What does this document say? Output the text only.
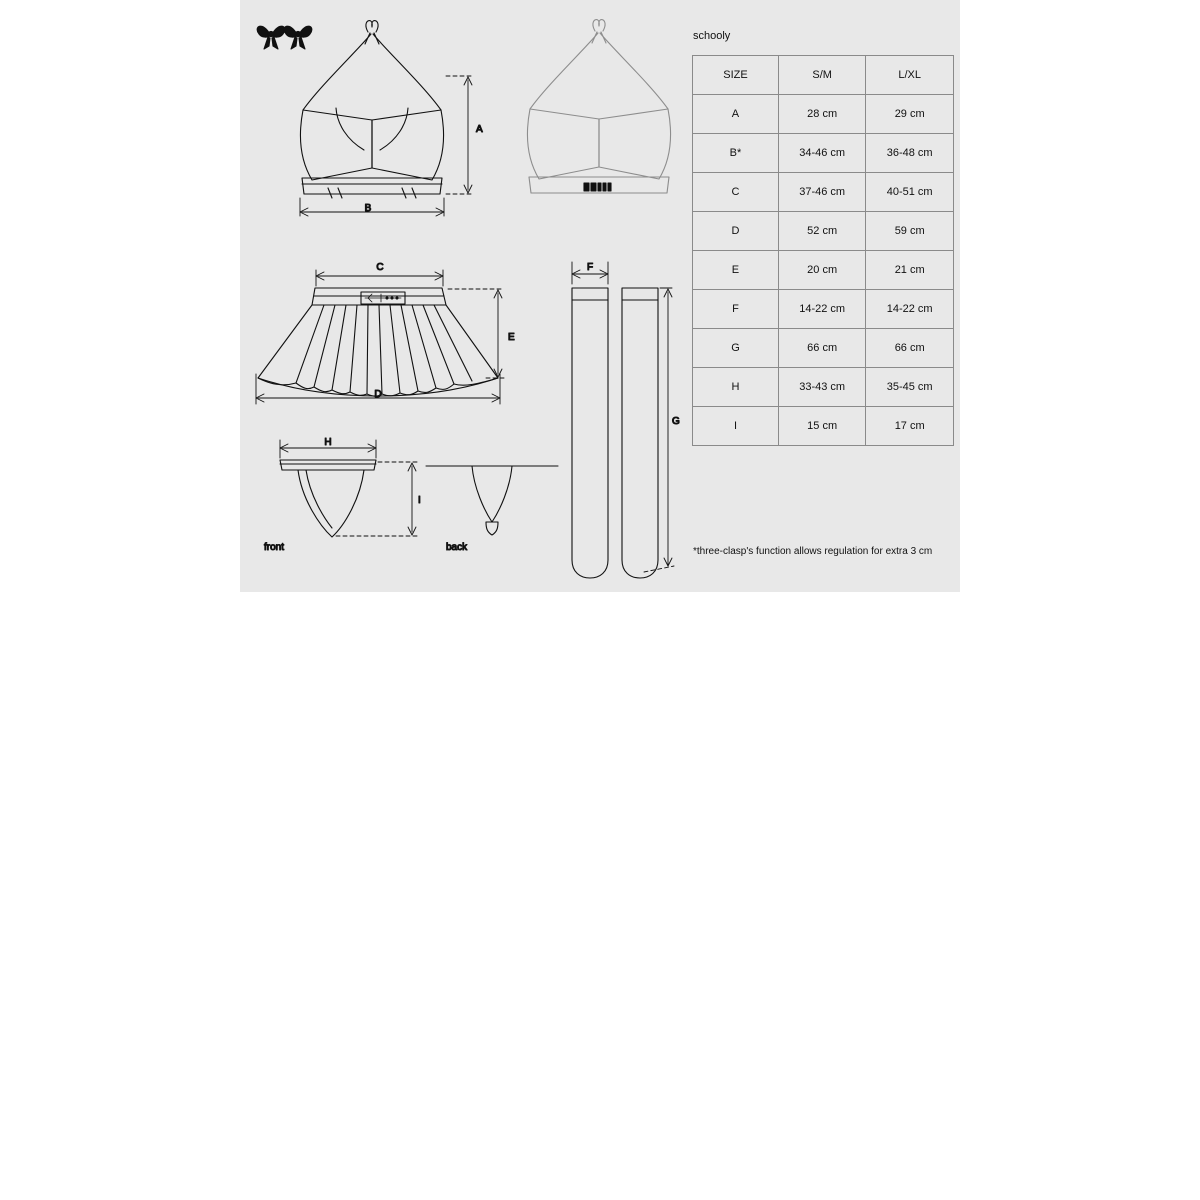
A
B
C
E
D
front
H
I
back
F
G
schooly
SIZE	S/M	L/XL
A	28 cm	29 cm
B*	34-46 cm	36-48 cm
C	37-46 cm	40-51 cm
D	52 cm	59 cm
E	20 cm	21 cm
F	14-22 cm	14-22 cm
G	66 cm	66 cm
H	33-43 cm	35-45 cm
I	15 cm	17 cm
*three-clasp's function allows regulation for extra 3 cm
